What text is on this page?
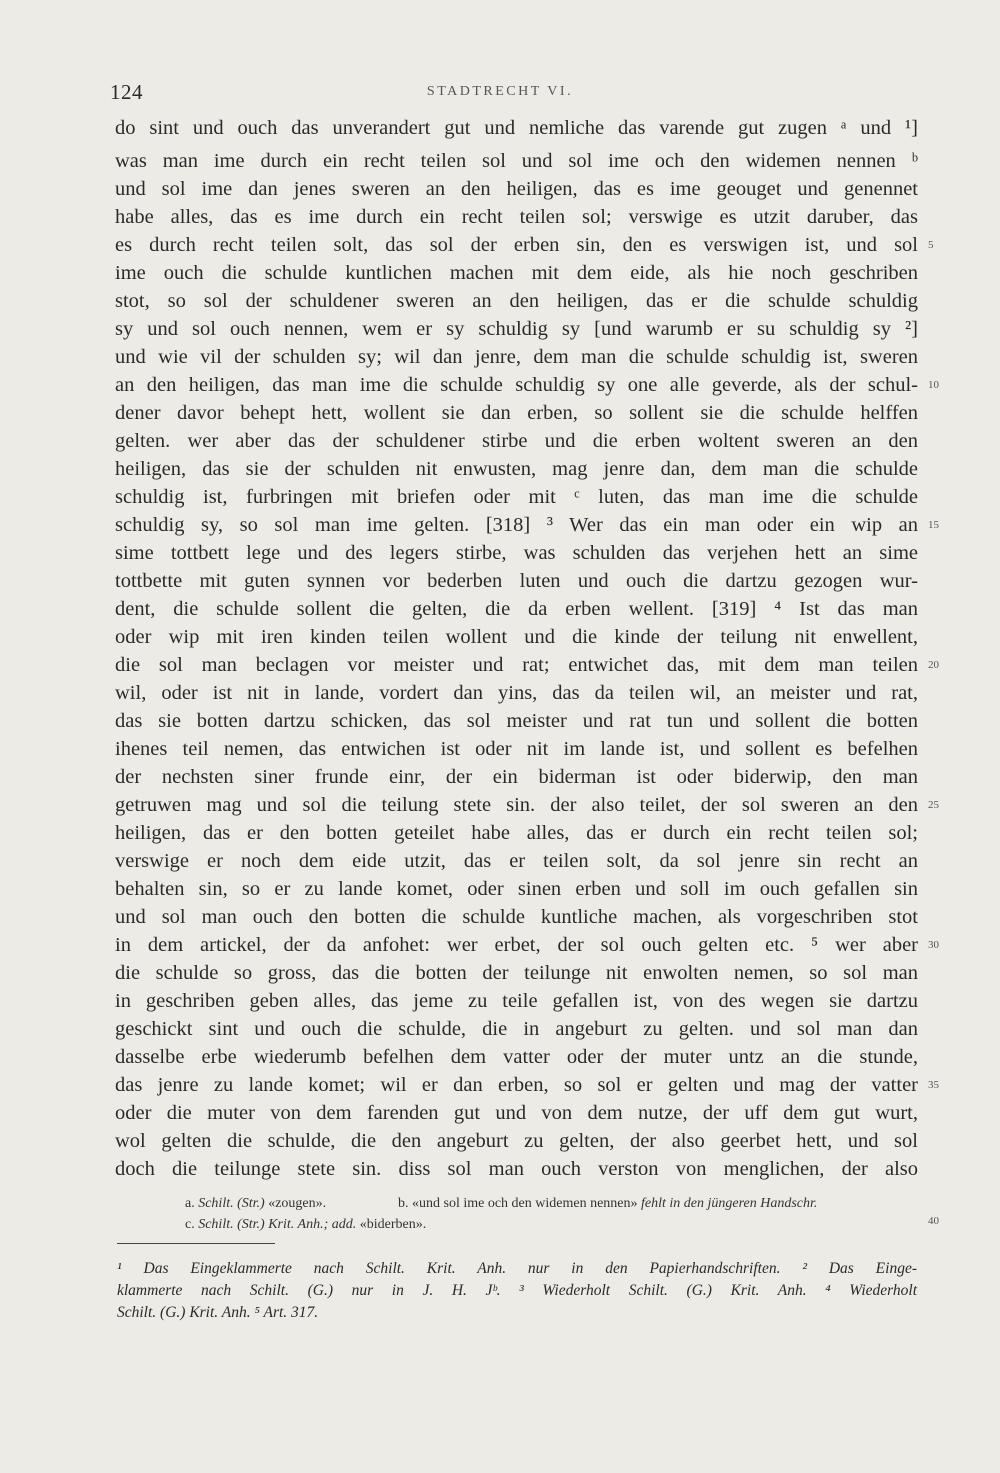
124	STADTRECHT VI.
do sint und ouch das unverandert gut und nemliche das varende gut zugen ᵃ und ¹]
was man ime durch ein recht teilen sol und sol ime och den widemen nennen ᵇ
und sol ime dan jenes sweren an den heiligen, das es ime geouget und genennet
habe alles, das es ime durch ein recht teilen sol; verswige es utzit daruber, das
es durch recht teilen solt, das sol der erben sin, den es verswigen ist, und sol
ime ouch die schulde kuntlichen machen mit dem eide, als hie noch geschriben
stot, so sol der schuldener sweren an den heiligen, das er die schulde schuldig
sy und sol ouch nennen, wem er sy schuldig sy [und warumb er su schuldig sy ²]
und wie vil der schulden sy; wil dan jenre, dem man die schulde schuldig ist, sweren
an den heiligen, das man ime die schulde schuldig sy one alle geverde, als der schul-
dener davor behept hett, wollent sie dan erben, so sollent sie die schulde helffen
gelten. wer aber das der schuldener stirbe und die erben woltent sweren an den
heiligen, das sie der schulden nit enwusten, mag jenre dan, dem man die schulde
schuldig ist, furbringen mit briefen oder mit ᶜ luten, das man ime die schulde
schuldig sy, so sol man ime gelten. [318] ³ Wer das ein man oder ein wip an
sime tottbett lege und des legers stirbe, was schulden das verjehen hett an sime
tottbette mit guten synnen vor bederben luten und ouch die dartzu gezogen wur-
dent, die schulde sollent die gelten, die da erben wellent. [319] ⁴ Ist das man
oder wip mit iren kinden teilen wollent und die kinde der teilung nit enwellent,
die sol man beclagen vor meister und rat; entwichet das, mit dem man teilen
wil, oder ist nit in lande, vordert dan yins, das da teilen wil, an meister und rat,
das sie botten dartzu schicken, das sol meister und rat tun und sollent die botten
ihenes teil nemen, das entwichen ist oder nit im lande ist, und sollent es befelhen
der nechsten siner frunde einr, der ein biderman ist oder biderwip, den man
getruwen mag und sol die teilung stete sin. der also teilet, der sol sweren an den
heiligen, das er den botten geteilet habe alles, das er durch ein recht teilen sol;
verswige er noch dem eide utzit, das er teilen solt, da sol jenre sin recht an
behalten sin, so er zu lande komet, oder sinen erben und soll im ouch gefallen sin
und sol man ouch den botten die schulde kuntliche machen, als vorgeschriben stot
in dem artickel, der da anfohet: wer erbet, der sol ouch gelten etc. ⁵ wer aber
die schulde so gross, das die botten der teilunge nit enwolten nemen, so sol man
in geschriben geben alles, das jeme zu teile gefallen ist, von des wegen sie dartzu
geschickt sint und ouch die schulde, die in angeburt zu gelten. und sol man dan
dasselbe erbe wiederumb befelhen dem vatter oder der muter untz an die stunde,
das jenre zu lande komet; wil er dan erben, so sol er gelten und mag der vatter
oder die muter von dem farenden gut und von dem nutze, der uff dem gut wurt,
wol gelten die schulde, die den angeburt zu gelten, der also geerbet hett, und sol
doch die teilunge stete sin. diss sol man ouch verston von menglichen, der also
5
10
15
20
25
30
35
40
a. Schilt. (Str.) «zougen».	b. «und sol ime och den widemen nennen» fehlt in den jüngeren Handschr.
c. Schilt. (Str.) Krit. Anh.; add. «biderben».
¹ Das Eingeklammerte nach Schilt. Krit. Anh. nur in den Papierhandschriften. ² Das Einge-
klammerte nach Schilt. (G.) nur in J. H. Jᵇ. ³ Wiederholt Schilt. (G.) Krit. Anh. ⁴ Wiederholt
Schilt. (G.) Krit. Anh. ⁵ Art. 317.
